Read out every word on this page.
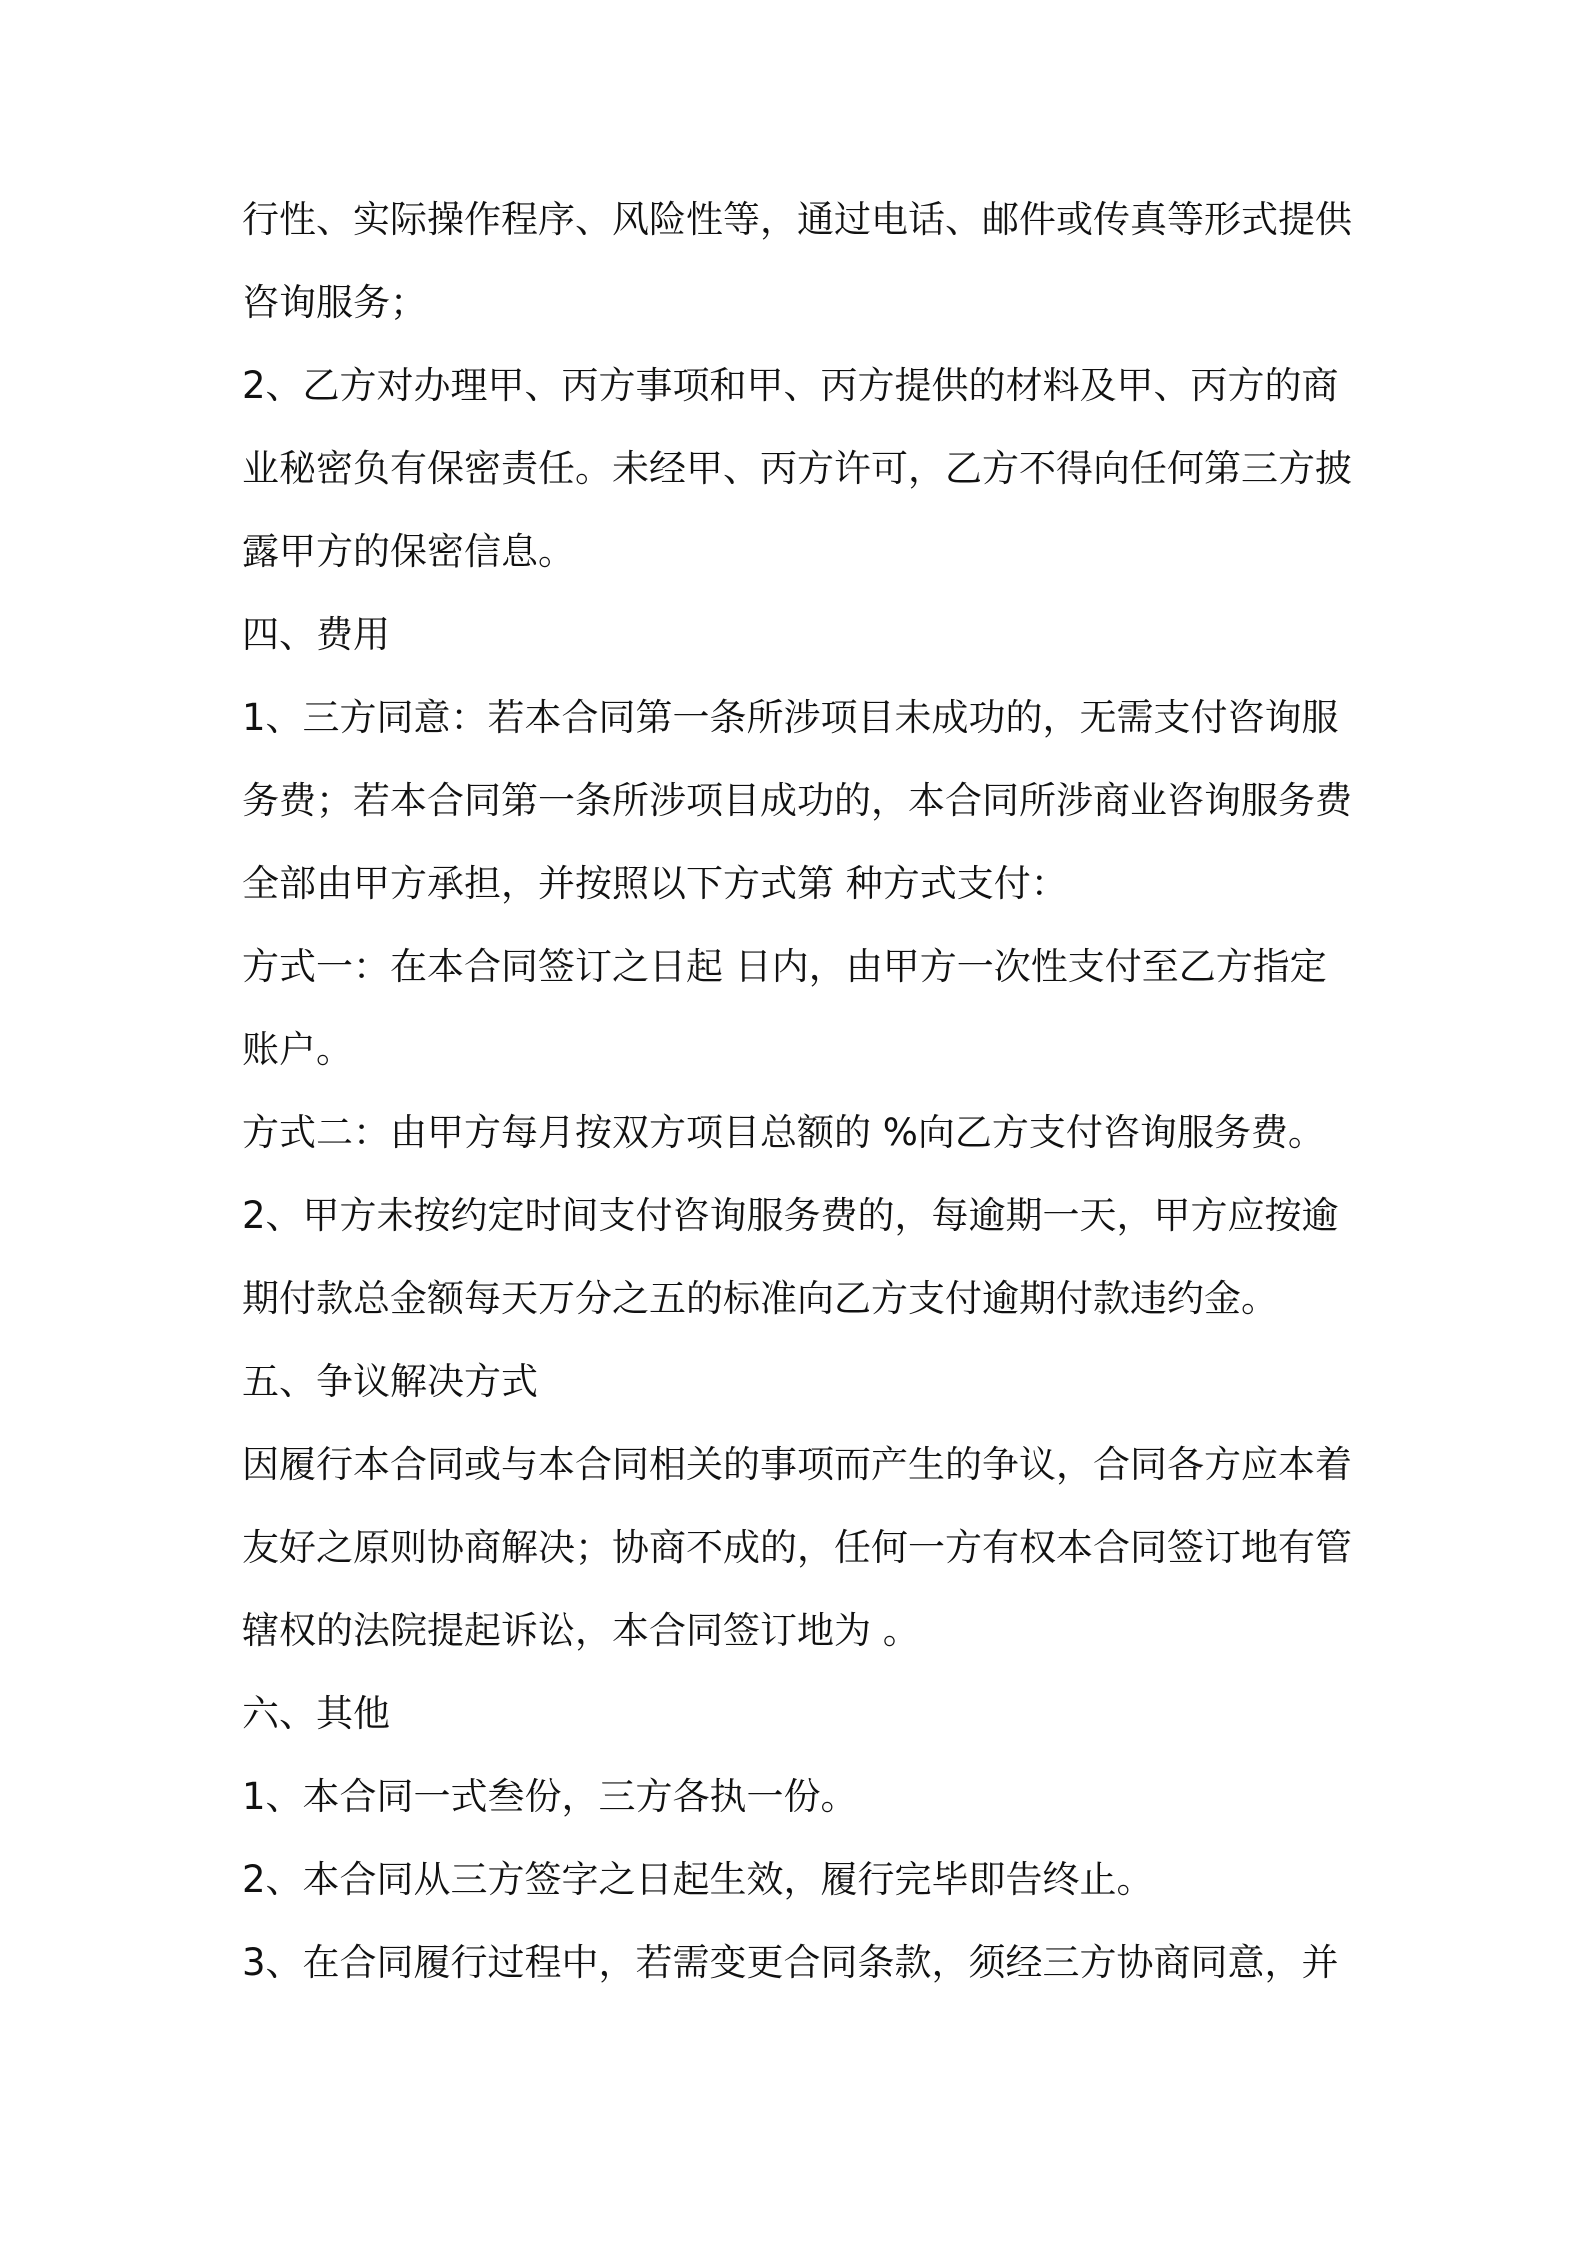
行性、实际操作程序、风险性等，通过电话、邮件或传真等形式提供

咨询服务；

2、乙方对办理甲、丙方事项和甲、丙方提供的材料及甲、丙方的商

业秘密负有保密责任。未经甲、丙方许可，乙方不得向任何第三方披

露甲方的保密信息。

四、费用

1、三方同意：若本合同第一条所涉项目未成功的，无需支付咨询服

务费；若本合同第一条所涉项目成功的，本合同所涉商业咨询服务费

全部由甲方承担，并按照以下方式第 种方式支付：

方式一：在本合同签订之日起 日内，由甲方一次性支付至乙方指定

账户。

方式二：由甲方每月按双方项目总额的 %向乙方支付咨询服务费。

2、甲方未按约定时间支付咨询服务费的，每逾期一天，甲方应按逾

期付款总金额每天万分之五的标准向乙方支付逾期付款违约金。

五、争议解决方式

因履行本合同或与本合同相关的事项而产生的争议，合同各方应本着

友好之原则协商解决；协商不成的，任何一方有权本合同签订地有管

辖权的法院提起诉讼，本合同签订地为 。

六、其他

1、本合同一式叁份，三方各执一份。

2、本合同从三方签字之日起生效，履行完毕即告终止。

3、在合同履行过程中，若需变更合同条款，须经三方协商同意，并
